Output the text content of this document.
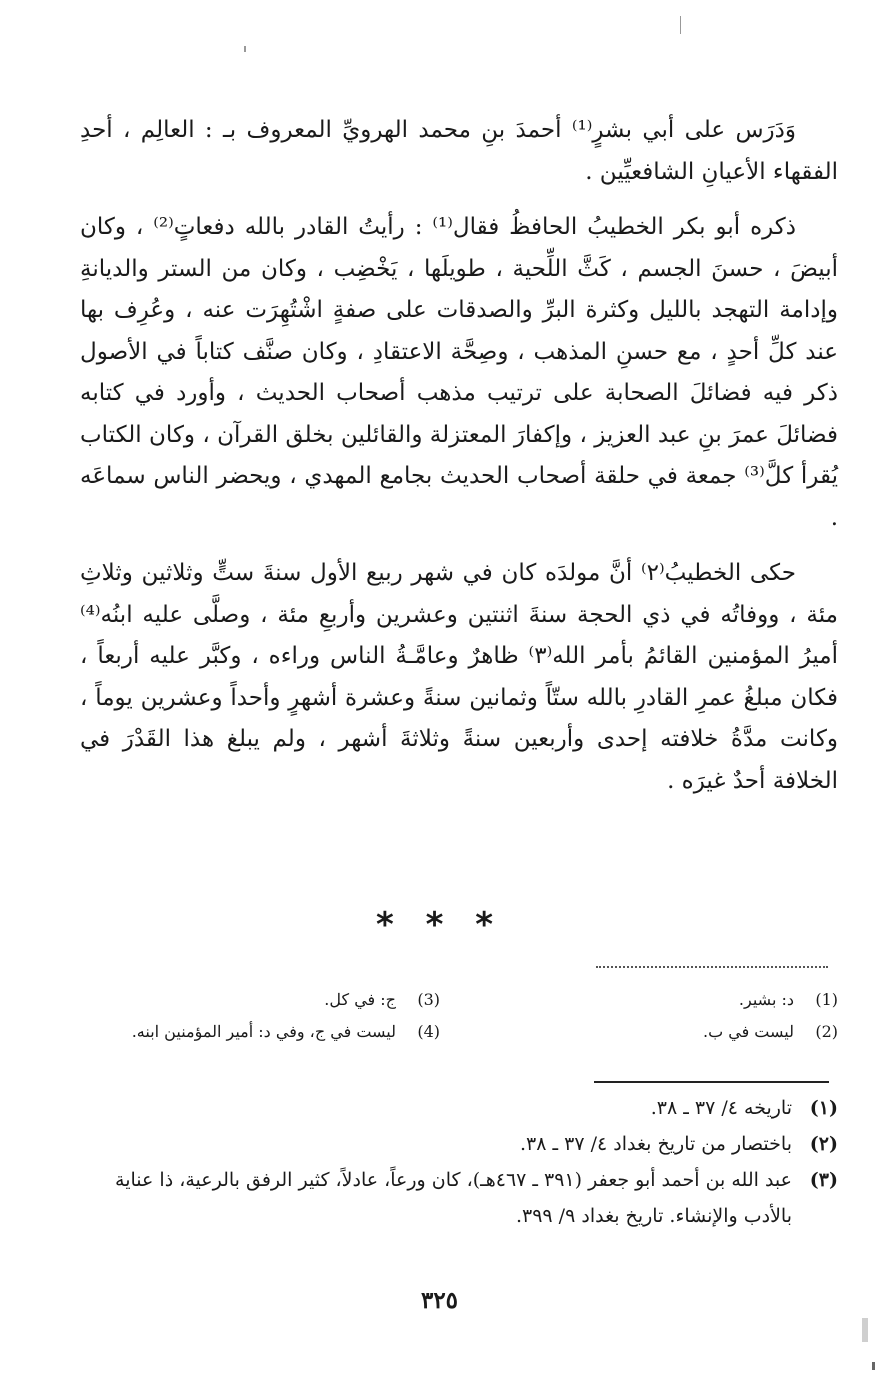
وَدَرَس على أبي بشرٍ⁽¹⁾ أحمدَ بنِ محمد الهرويِّ المعروف بـ : العالِم ، أحدِ الفقهاء الأعيانِ الشافعيِّين .

ذكره أبو بكر الخطيبُ الحافظُ فقال⁽¹⁾ : رأيتُ القادر بالله دفعاتٍ⁽²⁾ ، وكان أبيضَ ، حسنَ الجسم ، كَثَّ اللِّحية ، طويلَها ، يَخْضِب ، وكان من الستر والديانةِ وإدامة التهجد بالليل وكثرة البرِّ والصدقات على صفةٍ اشْتُهِرَت عنه ، وعُرِف بها عند كلِّ أحدٍ ، مع حسنِ المذهب ، وصِحَّة الاعتقادِ ، وكان صنَّف كتاباً في الأصول ذكر فيه فضائلَ الصحابة على ترتيب مذهب أصحاب الحديث ، وأورد في كتابه فضائلَ عمرَ بنِ عبد العزيز ، وإكفارَ المعتزلة والقائلين بخلق القرآن ، وكان الكتاب يُقرأ كلَّ⁽³⁾ جمعة في حلقة أصحاب الحديث بجامع المهدي ، ويحضر الناس سماعَه .

حكى الخطيبُ⁽٢⁾ أنَّ مولدَه كان في شهر ربيع الأول سنةَ ستٍّ وثلاثين وثلاثِ مئة ، ووفاتُه في ذي الحجة سنةَ اثنتين وعشرين وأربعِ مئة ، وصلَّى عليه ابنُه⁽⁴⁾ أميرُ المؤمنين القائمُ بأمر الله⁽٣⁾ ظاهرٌ وعامَّـةُ الناس وراءه ، وكبَّر عليه أربعاً ، فكان مبلغُ عمرِ القادرِ بالله ستّاً وثمانين سنةً وعشرة أشهرٍ وأحداً وعشرين يوماً ، وكانت مدَّةُ خلافته إحدى وأربعين سنةً وثلاثةَ أشهر ، ولم يبلغ هذا القَدْرَ في الخلافة أحدٌ غيرَه .

* * *
(1)
د: بشير.
(2)
ليست في ب.
(3)
ج: في كل.
(4)
ليست في ج، وفي د: أمير المؤمنين ابنه.
(١)
تاريخه ٤/ ٣٧ ـ ٣٨.
(٢)
باختصار من تاريخ بغداد ٤/ ٣٧ ـ ٣٨.
(٣)
عبد الله بن أحمد أبو جعفر (٣٩١ ـ ٤٦٧هـ)، كان ورعاً، عادلاً، كثير الرفق بالرعية، ذا عناية بالأدب والإنشاء. تاريخ بغداد ٩/ ٣٩٩.
٣٢٥
